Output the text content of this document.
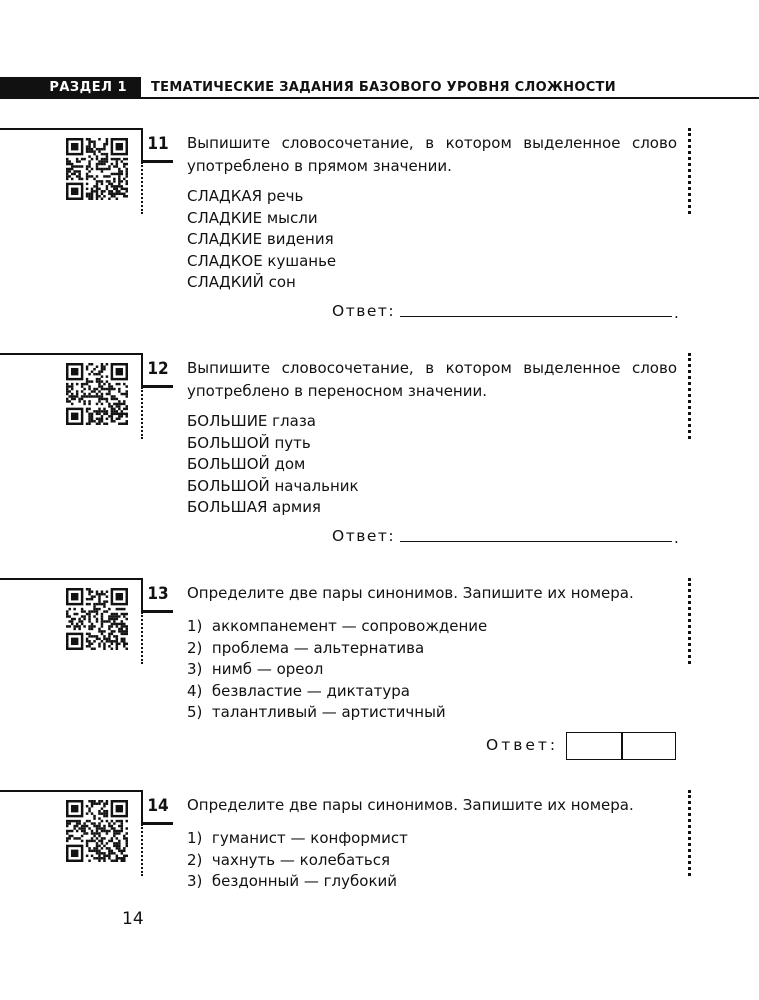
РАЗДЕЛ 1	ТЕМАТИЧЕСКИЕ ЗАДАНИЯ БАЗОВОГО УРОВНЯ СЛОЖНОСТИ
11 Выпишите словосочетание, в котором выделенное слово употреблено в прямом значении.
СЛАДКАЯ речь
СЛАДКИЕ мысли
СЛАДКИЕ видения
СЛАДКОЕ кушанье
СЛАДКИЙ сон
Ответ:	.
12 Выпишите словосочетание, в котором выделенное слово употреблено в переносном значении.
БОЛЬШИЕ глаза
БОЛЬШОЙ путь
БОЛЬШОЙ дом
БОЛЬШОЙ начальник
БОЛЬШАЯ армия
Ответ:	.
13 Определите две пары синонимов. Запишите их номера.
1)  аккомпанемент — сопровождение
2)  проблема — альтернатива
3)  нимб — ореол
4)  безвластие — диктатура
5)  талантливый — артистичный
Ответ:
14 Определите две пары синонимов. Запишите их номера.
1)  гуманист — конформист
2)  чахнуть — колебаться
3)  бездонный — глубокий
14
